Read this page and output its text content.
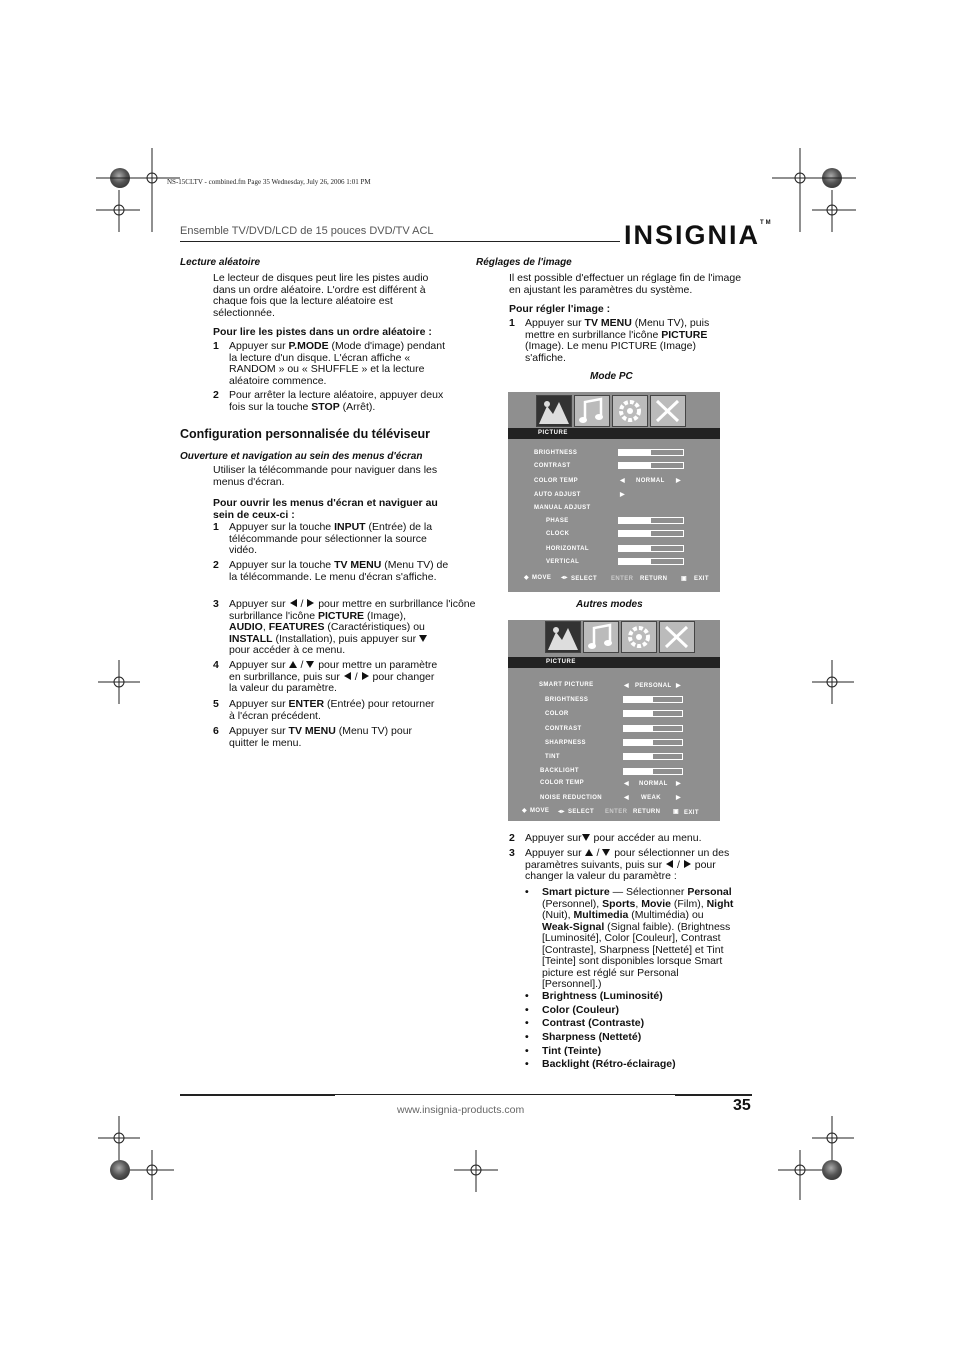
NS-15CLTV - combined.fm Page 35 Wednesday, July 26, 2006 1:01 PM
Ensemble TV/DVD/LCD de 15 pouces DVD/TV ACL	INSIGNIA™
Lecture aléatoire
Le lecteur de disques peut lire les pistes audio dans un ordre aléatoire. L'ordre est différent à chaque fois que la lecture aléatoire est sélectionnée.
Pour lire les pistes dans un ordre aléatoire :
1 Appuyer sur P.MODE (Mode d'image) pendant la lecture d'un disque. L'écran affiche « RANDOM » ou « SHUFFLE » et la lecture aléatoire commence.
2 Pour arrêter la lecture aléatoire, appuyer deux fois sur la touche STOP (Arrêt).
Configuration personnalisée du téléviseur
Ouverture et navigation au sein des menus d'écran
Utiliser la télécommande pour naviguer dans les menus d'écran.
Pour ouvrir les menus d'écran et naviguer au sein de ceux-ci :
1 Appuyer sur la touche INPUT (Entrée) de la télécommande pour sélectionner la source vidéo.
2 Appuyer sur la touche TV MENU (Menu TV) de la télécommande. Le menu d'écran s'affiche.
3 Appuyer sur  /  pour mettre en surbrillance l'icône
surbrillance l'icône PICTURE (Image),
AUDIO, FEATURES (Caractéristiques) ou
INSTALL (Installation), puis appuyer sur
pour accéder à ce menu.
4 Appuyer sur  /  pour mettre un paramètre
en surbrillance, puis sur  /  pour changer
la valeur du paramètre.
5 Appuyer sur ENTER (Entrée) pour retourner
à l'écran précédent.
6 Appuyer sur TV MENU (Menu TV) pour
quitter le menu.
Réglages de l'image
Il est possible d'effectuer un réglage fin de l'image en ajustant les paramètres du système.
Pour régler l'image :
1 Appuyer sur TV MENU (Menu TV), puis
mettre en surbrillance l'icône PICTURE
(Image). Le menu PICTURE (Image)
s'affiche.
Mode PC
PICTURE
BRIGHTNESS
CONTRAST
COLOR TEMP	◀ NORMAL ▶
AUTO ADJUST	▶
MANUAL ADJUST
PHASE
CLOCK
HORIZONTAL
VERTICAL
◆ MOVE ◂▸ SELECT ENTER RETURN ▣ EXIT
Autres modes
PICTURE
SMART PICTURE	◀ PERSONAL ▶
BRIGHTNESS
COLOR
CONTRAST
SHARPNESS
TINT
BACKLIGHT
COLOR TEMP	◀ NORMAL ▶
NOISE REDUCTION	◀ WEAK	▶
◆ MOVE ◂▸ SELECT ENTER RETURN ▣ EXIT
2 Appuyer sur pour accéder au menu.
3 Appuyer sur  /  pour sélectionner un des
paramètres suivants, puis sur  /  pour
changer la valeur du paramètre :
• Smart picture — Sélectionner Personal
(Personnel), Sports, Movie (Film), Night
(Nuit), Multimedia (Multimédia) ou
Weak-Signal (Signal faible). (Brightness
[Luminosité], Color [Couleur], Contrast
[Contraste], Sharpness [Netteté] et Tint
[Teinte] sont disponibles lorsque Smart
picture est réglé sur Personal
[Personnel].)
• Brightness (Luminosité)
• Color (Couleur)
• Contrast (Contraste)
• Sharpness (Netteté)
• Tint (Teinte)
• Backlight (Rétro-éclairage)
www.insignia-products.com	35
